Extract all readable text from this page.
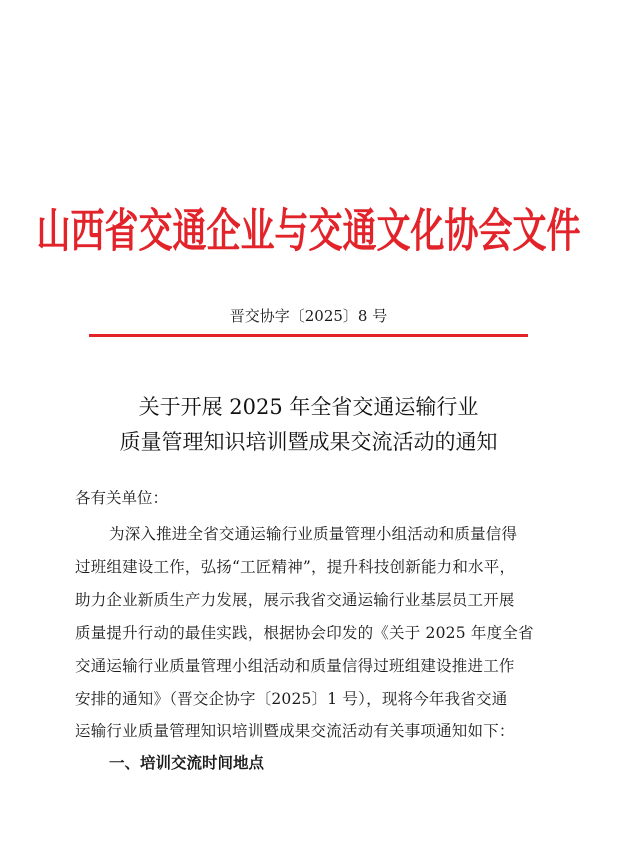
山西省交通企业与交通文化协会文件
晋交协字〔2025〕8 号
关于开展 2025 年全省交通运输行业
质量管理知识培训暨成果交流活动的通知
各有关单位：
为深入推进全省交通运输行业质量管理小组活动和质量信得
过班组建设工作，弘扬“工匠精神”，提升科技创新能力和水平，
助力企业新质生产力发展，展示我省交通运输行业基层员工开展
质量提升行动的最佳实践，根据协会印发的《关于 2025 年度全省
交通运输行业质量管理小组活动和质量信得过班组建设推进工作
安排的通知》（晋交企协字〔2025〕1 号），现将今年我省交通
运输行业质量管理知识培训暨成果交流活动有关事项通知如下：
一、培训交流时间地点
